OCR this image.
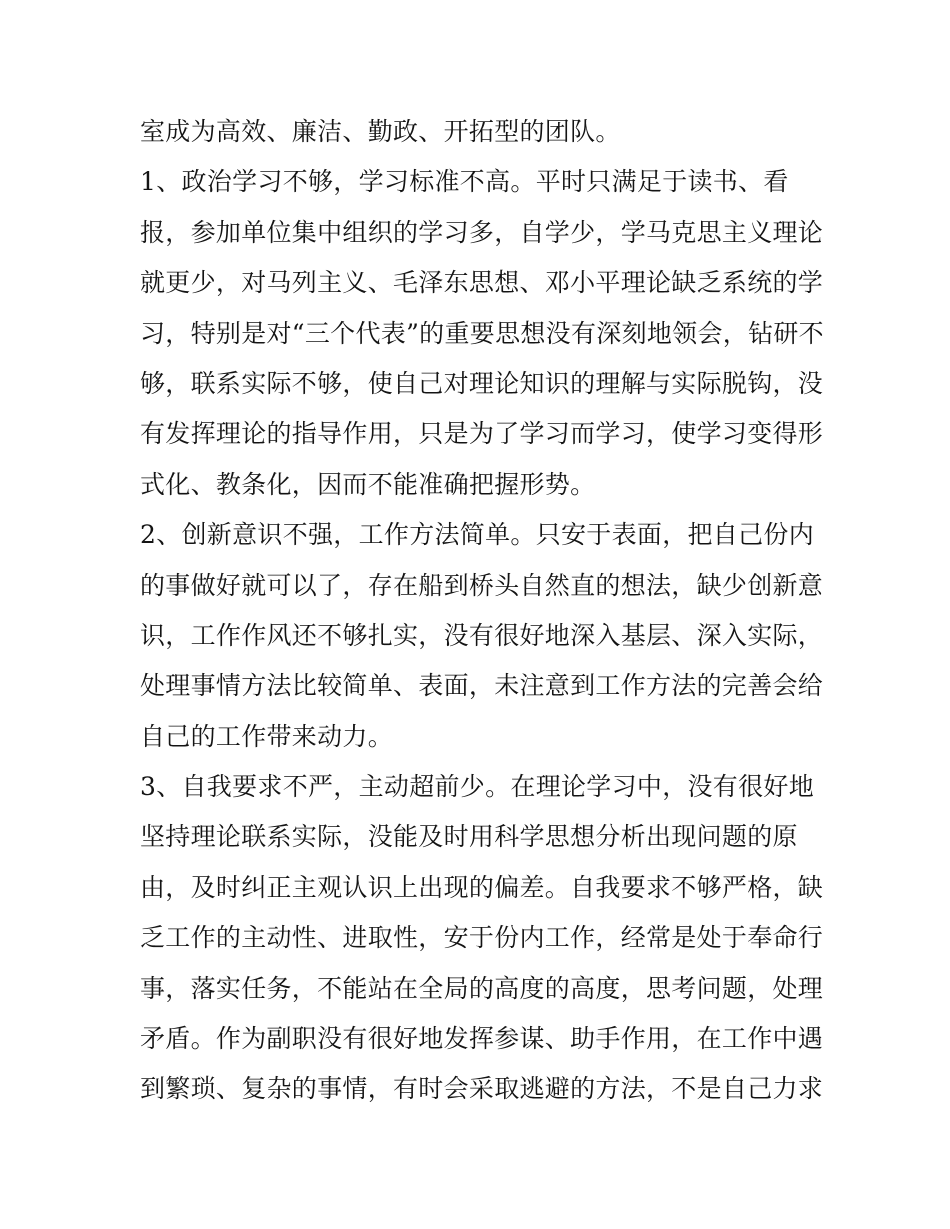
室成为高效、廉洁、勤政、开拓型的团队。
1、政治学习不够，学习标准不高。平时只满足于读书、看
报，参加单位集中组织的学习多，自学少，学马克思主义理论
就更少，对马列主义、毛泽东思想、邓小平理论缺乏系统的学
习，特别是对“三个代表”的重要思想没有深刻地领会，钻研不
够，联系实际不够，使自己对理论知识的理解与实际脱钩，没
有发挥理论的指导作用，只是为了学习而学习，使学习变得形
式化、教条化，因而不能准确把握形势。
2、创新意识不强，工作方法简单。只安于表面，把自己份内
的事做好就可以了，存在船到桥头自然直的想法，缺少创新意
识，工作作风还不够扎实，没有很好地深入基层、深入实际，
处理事情方法比较简单、表面，未注意到工作方法的完善会给
自己的工作带来动力。
3、自我要求不严，主动超前少。在理论学习中，没有很好地
坚持理论联系实际，没能及时用科学思想分析出现问题的原
由，及时纠正主观认识上出现的偏差。自我要求不够严格，缺
乏工作的主动性、进取性，安于份内工作，经常是处于奉命行
事，落实任务，不能站在全局的高度的高度，思考问题，处理
矛盾。作为副职没有很好地发挥参谋、助手作用，在工作中遇
到繁琐、复杂的事情，有时会采取逃避的方法，不是自己力求
